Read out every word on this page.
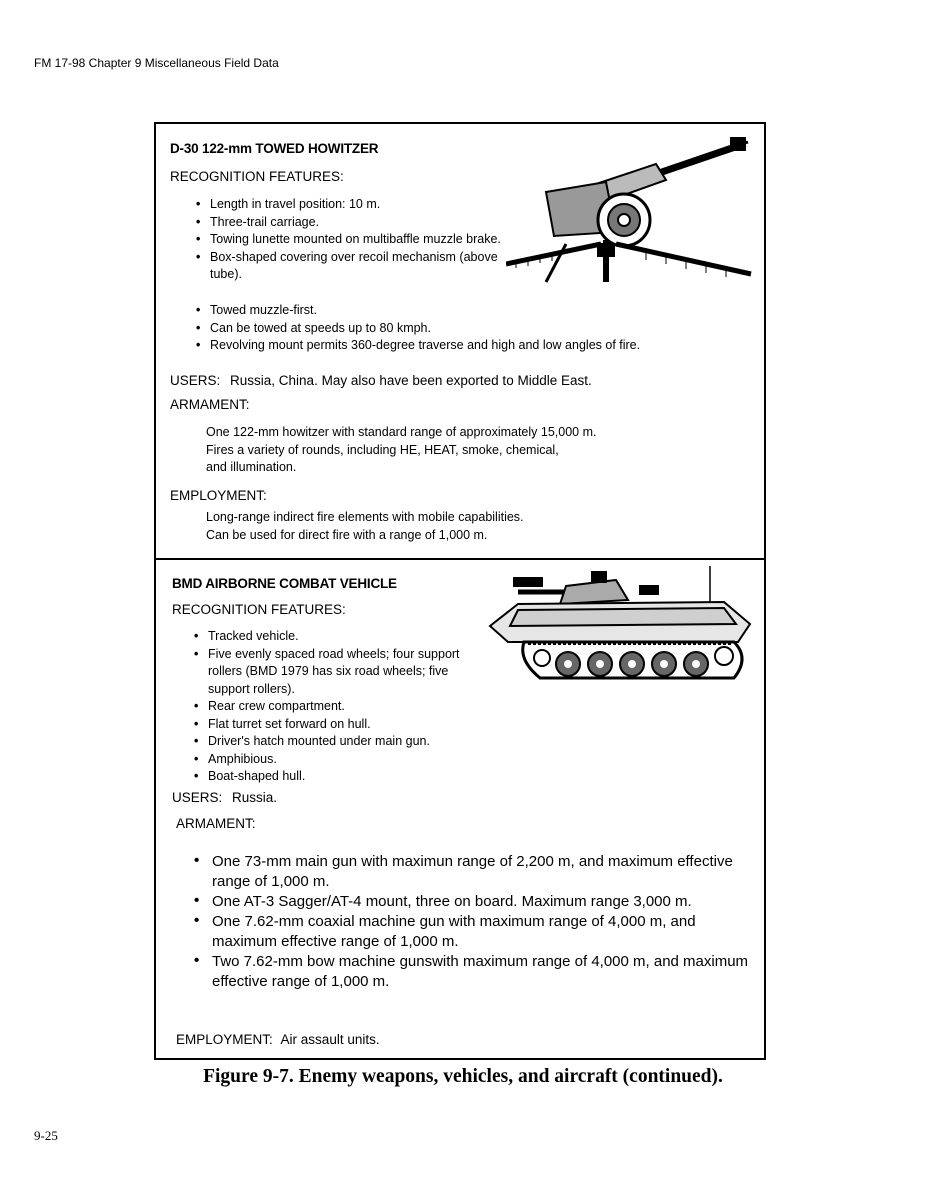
FM 17-98 Chapter 9 Miscellaneous Field Data
D-30 122-mm TOWED HOWITZER
RECOGNITION FEATURES:
• Length in travel position: 10 m.
• Three-trail carriage.
• Towing lunette mounted on multibaffle muzzle brake.
• Box-shaped covering over recoil mechanism (above tube).
• Towed muzzle-first.
• Can be towed at speeds up to 80 kmph.
• Revolving mount permits 360-degree traverse and high and low angles of fire.
USERS: Russia, China. May also have been exported to Middle East.
ARMAMENT:
One 122-mm howitzer with standard range of approximately 15,000 m.
Fires a variety of rounds, including HE, HEAT, smoke, chemical,
and illumination.
EMPLOYMENT:
Long-range indirect fire elements with mobile capabilities.
Can be used for direct fire with a range of 1,000 m.
BMD AIRBORNE COMBAT VEHICLE
RECOGNITION FEATURES:
• Tracked vehicle.
• Five evenly spaced road wheels; four support rollers (BMD 1979 has six road wheels; five support rollers).
• Rear crew compartment.
• Flat turret set forward on hull.
• Driver's hatch mounted under main gun.
• Amphibious.
• Boat-shaped hull.
USERS: Russia.
ARMAMENT:
• One 73-mm main gun with maximun range of 2,200 m, and maximum effective range of 1,000 m.
• One AT-3 Sagger/AT-4 mount, three on board. Maximum range 3,000 m.
• One 7.62-mm coaxial machine gun with maximum range of 4,000 m, and maximum effective range of 1,000 m.
• Two 7.62-mm bow machine gunswith maximum range of 4,000 m, and maximum effective range of 1,000 m.
EMPLOYMENT: Air assault units.
Figure 9-7. Enemy weapons, vehicles, and aircraft (continued).
9-25
